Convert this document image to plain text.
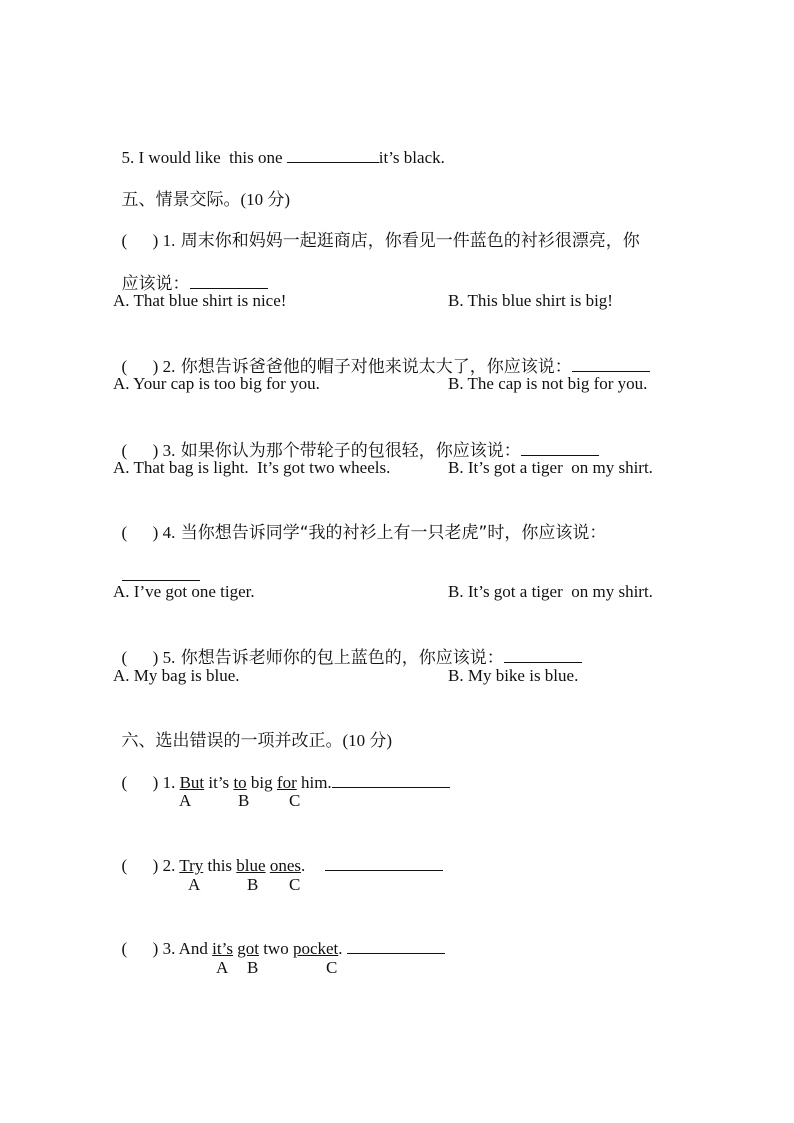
5. I would like  this one	it’s black.

五、情景交际。(10 分)

(      ) 1. 周末你和妈妈一起逛商店，你看见一件蓝色的衬衫很漂亮，你

应该说：

A. That blue shirt is nice!	B. This blue shirt is big!

(      ) 2. 你想告诉爸爸他的帽子对他来说太大了，你应该说：

A. Your cap is too big for you.	B. The cap is not big for you.

(      ) 3. 如果你认为那个带轮子的包很轻，你应该说：

A. That bag is light.  It’s got two wheels.	B. It’s got a tiger  on my shirt.

(      ) 4. 当你想告诉同学“我的衬衫上有一只老虎”时，你应该说：

A. I’ve got one tiger.	B. It’s got a tiger  on my shirt.

(      ) 5. 你想告诉老师你的包上蓝色的，你应该说：

A. My bag is blue.	B. My bike is blue.

六、选出错误的一项并改正。(10 分)

(      ) 1. But it’s to big for him.

A	B C

(      ) 2. Try this blue ones.

A	B C

(      ) 3. And it’s got two pocket.

A B	C
